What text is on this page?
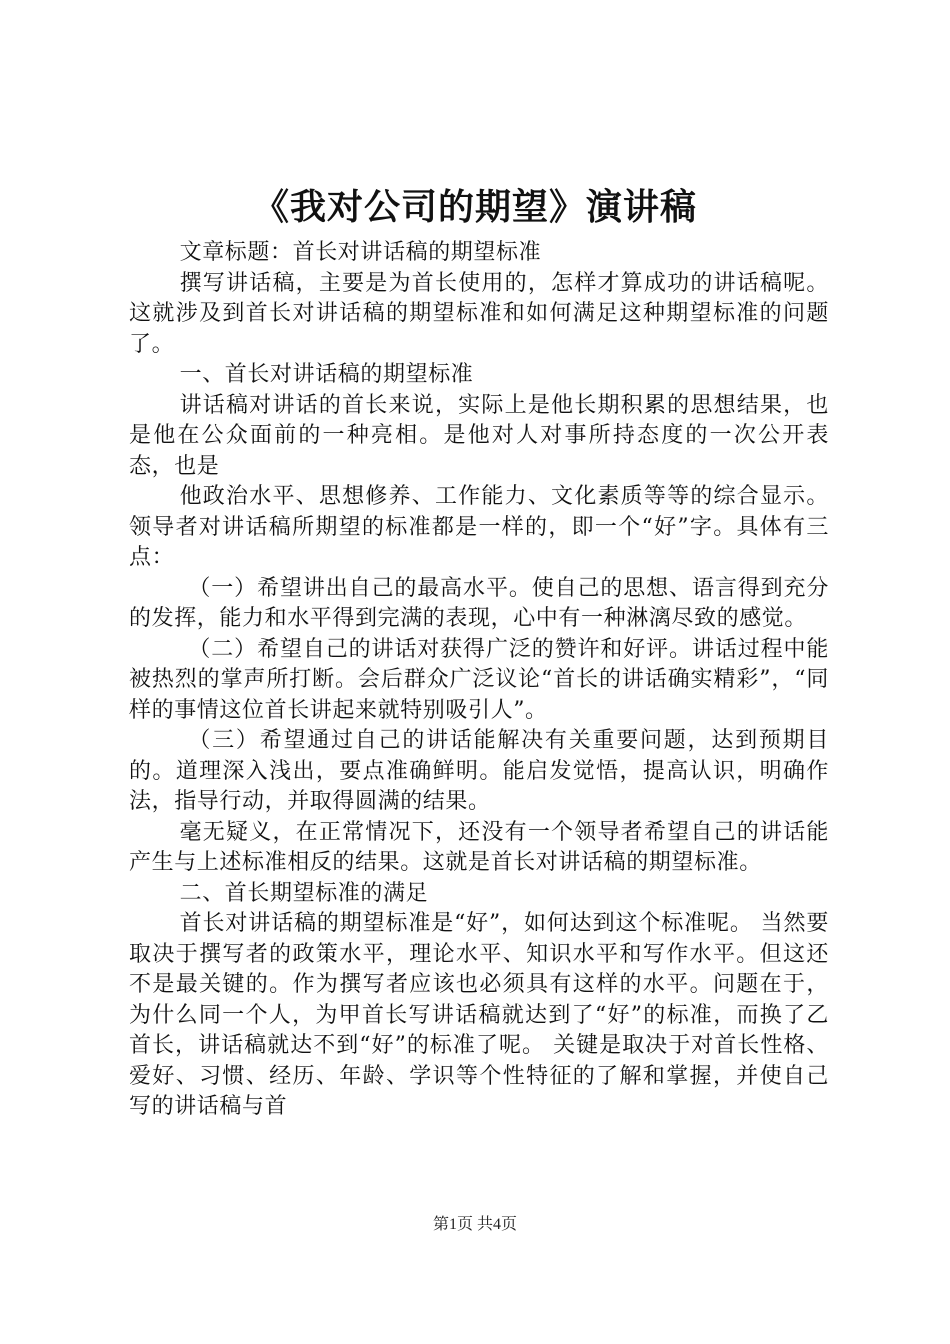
《我对公司的期望》演讲稿

文章标题：首长对讲话稿的期望标准

撰写讲话稿，主要是为首长使用的，怎样才算成功的讲话稿呢。 这就涉及到首长对讲话稿的期望标准和如何满足这种期望标准的问题了。

一、首长对讲话稿的期望标准

讲话稿对讲话的首长来说，实际上是他长期积累的思想结果，也是他在公众面前的一种亮相。是他对人对事所持态度的一次公开表态，也是

他政治水平、思想修养、工作能力、文化素质等等的综合显示。领导者对讲话稿所期望的标准都是一样的，即一个“好”字。具体有三点：

（一）希望讲出自己的最高水平。使自己的思想、语言得到充分的发挥，能力和水平得到完满的表现，心中有一种淋漓尽致的感觉。

（二）希望自己的讲话对获得广泛的赞许和好评。讲话过程中能被热烈的掌声所打断。会后群众广泛议论“首长的讲话确实精彩”，“同样的事情这位首长讲起来就特别吸引人”。

（三）希望通过自己的讲话能解决有关重要问题，达到预期目的。道理深入浅出，要点准确鲜明。能启发觉悟，提高认识，明确作法，指导行动，并取得圆满的结果。

毫无疑义，在正常情况下，还没有一个领导者希望自己的讲话能产生与上述标准相反的结果。这就是首长对讲话稿的期望标准。

二、首长期望标准的满足

首长对讲话稿的期望标准是“好”，如何达到这个标准呢。 当然要取决于撰写者的政策水平，理论水平、知识水平和写作水平。但这还不是最关键的。作为撰写者应该也必须具有这样的水平。问题在于，为什么同一个人，为甲首长写讲话稿就达到了“好”的标准，而换了乙首长，讲话稿就达不到“好”的标准了呢。 关键是取决于对首长性格、爱好、习惯、经历、年龄、学识等个性特征的了解和掌握，并使自己写的讲话稿与首

第1页 共4页
